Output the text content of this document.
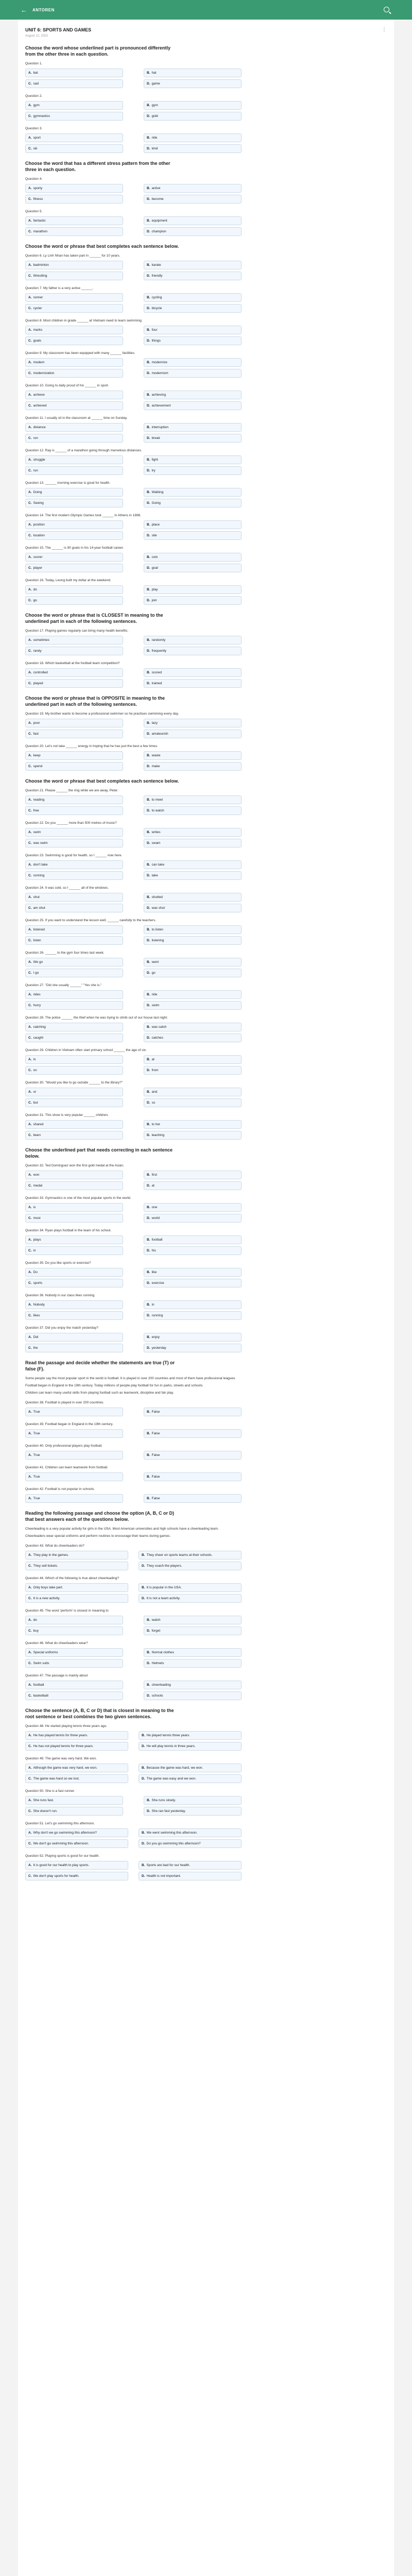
← ANTOREN
UNIT 6: SPORTS AND GAMES	⋮
August 12, 2023
Choose the word whose underlined part is pronounced differently from the other three in each question.
Question 1.
A. bat	B. hat
C. sad	D. game
Question 2.
A. gym	B. gym
C. gymnastics	D. gold
Question 3.
A. sport	B. ride
C. ski	D. kind
Choose the word that has a different stress pattern from the other three in each question.
Question 4.
A. sporty	B. active
C. fitness	D. become
Question 5.
A. fantastic	B. equipment
C. marathon	D. champion
Choose the word or phrase that best completes each sentence below.
Question 6. Ly Linh Nhan has taken part in ______ for 10 years.
A. badminton	B. karate
C. Wrestling	D. friendly
Question 7. My father is a very active ______.
A. runner	B. cycling
C. cycler	D. bicycle
Question 8. Most children in grade ______ at Vietnam need to learn swimming.
A. marks	B. four
C. goals	D. things
Question 9. My classroom has been equipped with many ______ facilities.
A. modern	B. modernize
C. modernization	D. modernism
Question 10. Going to daily proud of his ______ in sport.
A. achieve	B. achieving
C. achieved	D. achievement
Question 11. I usually sit in the classroom at ______ time on Sunday.
A. distance	B. interruption
C. run	D. break
Question 12. Ray is ______ of a marathon going through marvelous distances.
A. struggle	B. fight
C. run	D. try
Question 13. ______ morning exercise is good for health.
A. Doing	B. Walking
C. Seeing	D. Going
Question 14. The first modern Olympic Games took ______ in Athens in 1896.
A. position	B. place
C. location	D. site
Question 15. The ______ is 90 goals in his 14-year football career.
A. scorer	B. coin
C. player	D. goal
Question 16. Today, Leong built my dollar at the weekend.
A. do	B. play
C. go	D. join
Choose the word or phrase that is CLOSEST in meaning to the underlined part in each of the following sentences.
Question 17. Playing games regularly can bring many health benefits.
A. sometimes	B. randomly
C. rarely	D. frequently
Question 18. Which basketball at the football team competition?
A. controlled	B. scored
C. played	D. trained
Choose the word or phrase that is OPPOSITE in meaning to the underlined part in each of the following sentences.
Question 19. My brother wants to become a professional swimmer so he practises swimming every day.
A. poor	B. lazy
C. fast	D. amateurish
Question 20. Let's not take ______ energy in hoping that he has just the best a few times.
A. keep	B. waste
C. spend	D. make
Choose the word or phrase that best completes each sentence below.
Question 21. Please ______ the ring while we are away, Peter.
A. reading	B. to meet
C. free	D. to watch
Question 22. Do you ______ more than 500 metres of music?
A. swim	B. writes
C. was swim	D. swam
Question 23. Swimming is good for health, so I ______ now here.
A. don't take	B. can take
C. running	D. take
Question 24. It was cold, so I ______ all of the windows.
A. shut	B. shutted
C. am shut	D. was shut
Question 25. If you want to understand the lesson well, ______ carefully to the teachers.
A. listened	B. to listen
C. listen	D. listening
Question 26. ______ to the gym four times last week.
A. We go	B. went
C. I go	D. go
Question 27. "Did she usually ______" "Yes she is."
A. rides	B. ride
C. hurry	D. swim
Question 28. The police ______ the thief when he was trying to climb out of our house last night.
A. catching	B. was catch
C. caught	D. catches
Question 29. Children in Vietnam often start primary school ______ the age of six.
A. in	B. at
C. on	D. from
Question 30. "Would you like to go outside ______ to the library?"
A. or	B. and
C. but	D. so
Question 31. This show is very popular ______ children.
A. shared	B. to her
C. been	D. teaching
Choose the underlined part that needs correcting in each sentence below.
Question 32. Ted Dominguez won the first gold medal at the Asian.
A. won	B. first
C. medal	D. at
Question 33. Gymnastics is one of the most popular sports in the world.
A. is	B. one
C. most	D. world
Question 34. Ryan plays football in the team of his school.
A. plays	B. football
C. in	D. his
Question 35. Do you like sports or exercise?
A. Do	B. like
C. sports	D. exercise
Question 36. Nobody in our class likes running.
A. Nobody	B. in
C. likes	D. running
Question 37. Did you enjoy the match yesterday?
A. Did	B. enjoy
C. the	D. yesterday
Read the passage and decide whether the statements are true (T) or false (F).

Some people say the most popular sport in the world is football. It is played in over 200 countries and most of them have professional leagues.

Football began in England in the 19th century. Today millions of people play football for fun in parks, streets and schools.

Children can learn many useful skills from playing football such as teamwork, discipline and fair play.

Question 38. Football is played in over 200 countries.
A. True	B. False
Question 39. Football began in England in the 19th century.
A. True	B. False
Question 40. Only professional players play football.
A. True	B. False
Question 41. Children can learn teamwork from football.
A. True	B. False
Question 42. Football is not popular in schools.
A. True	B. False
Reading the following passage and choose the option (A, B, C or D) that best answers each of the questions below.

Cheerleading is a very popular activity for girls in the USA. Most American universities and high schools have a cheerleading team.

Cheerleaders wear special uniforms and perform routines to encourage their teams during games.

Question 43. What do cheerleaders do?
A. They play in the games.	B. They cheer on sports teams at their schools.
C. They sell tickets.	D. They coach the players.
Question 44. Which of the following is true about cheerleading?
A. Only boys take part.	B. It is popular in the USA.
C. It is a new activity.	D. It is not a team activity.
Question 45. The word 'perform' is closest in meaning to
A. do	B. watch
C. buy	D. forget
Question 46. What do cheerleaders wear?
A. Special uniforms	B. Normal clothes
C. Swim suits	D. Helmets
Question 47. The passage is mainly about
A. football	B. cheerleading
C. basketball	D. schools
Choose the sentence (A, B, C or D) that is closest in meaning to the root sentence or best combines the two given sentences.
Question 48. He started playing tennis three years ago.
A. He has played tennis for three years.	B. He played tennis three years.
C. He has not played tennis for three years.	D. He will play tennis in three years.
Question 49. The game was very hard. We won.
A. Although the game was very hard, we won.	B. Because the game was hard, we won.
C. The game was hard so we lost.	D. The game was easy and we won.
Question 50. She is a fast runner.
A. She runs fast.	B. She runs slowly.
C. She doesn't run.	D. She ran fast yesterday.
Question 51. Let's go swimming this afternoon.
A. Why don't we go swimming this afternoon?	B. We went swimming this afternoon.
C. We don't go swimming this afternoon.	D. Do you go swimming this afternoon?
Question 52. Playing sports is good for our health.
A. It is good for our health to play sports.	B. Sports are bad for our health.
C. We don't play sports for health.	D. Health is not important.
